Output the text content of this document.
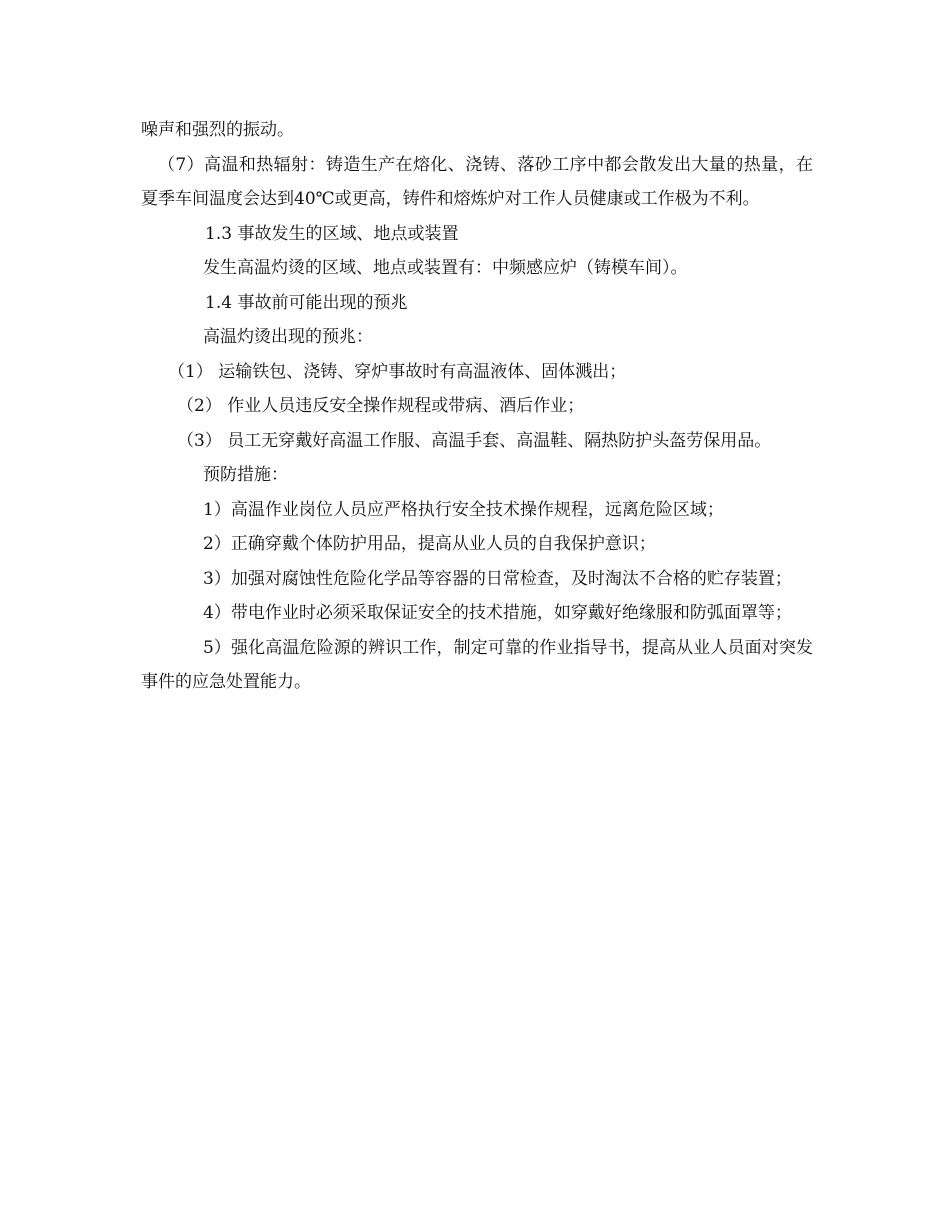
噪声和强烈的振动。

（7）高温和热辐射：铸造生产在熔化、浇铸、落砂工序中都会散发出大量的热量，在夏季车间温度会达到40℃或更高，铸件和熔炼炉对工作人员健康或工作极为不利。

1.3 事故发生的区域、地点或装置

发生高温灼烫的区域、地点或装置有：中频感应炉（铸模车间）。

1.4 事故前可能出现的预兆

高温灼烫出现的预兆：

（1） 运输铁包、浇铸、穿炉事故时有高温液体、固体溅出；

（2） 作业人员违反安全操作规程或带病、酒后作业；

（3） 员工无穿戴好高温工作服、高温手套、高温鞋、隔热防护头盔劳保用品。

预防措施：

1）高温作业岗位人员应严格执行安全技术操作规程，远离危险区域；

2）正确穿戴个体防护用品，提高从业人员的自我保护意识；

3）加强对腐蚀性危险化学品等容器的日常检查，及时淘汰不合格的贮存装置；

4）带电作业时必须采取保证安全的技术措施，如穿戴好绝缘服和防弧面罩等；

5）强化高温危险源的辨识工作，制定可靠的作业指导书，提高从业人员面对突发事件的应急处置能力。
